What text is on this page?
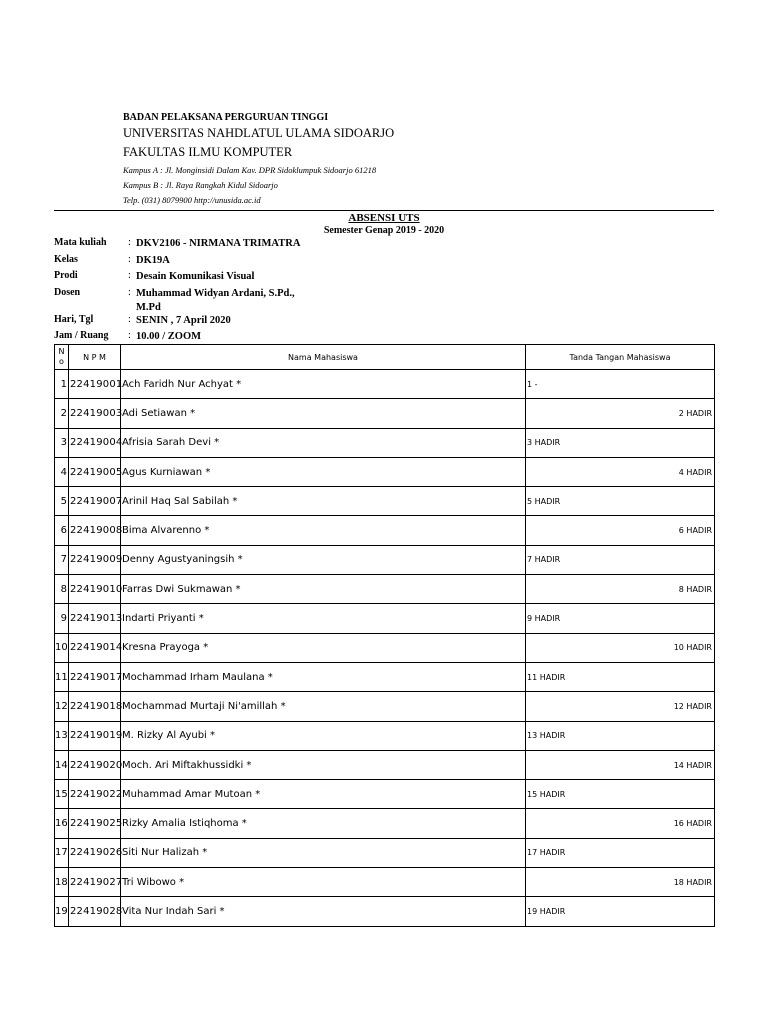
BADAN PELAKSANA PERGURUAN TINGGI
UNIVERSITAS NAHDLATUL ULAMA SIDOARJO
FAKULTAS ILMU KOMPUTER
Kampus A : Jl. Monginsidi Dalam Kav. DPR Sidoklumpuk Sidoarjo 61218
Kampus B : Jl. Raya Rangkah Kidul Sidoarjo
Telp. (031) 8079900 http://unusida.ac.id
ABSENSI UTS
Semester Genap 2019 - 2020
Mata kuliah : DKV2106 - NIRMANA TRIMATRA
Kelas	: DK19A
Prodi	: Desain Komunikasi Visual
Dosen	: Muhammad Widyan Ardani, S.Pd., M.Pd
Hari, Tgl	: SENIN , 7 April 2020
Jam / Ruang : 10.00 / ZOOM
N
o	N P M	Nama Mahasiswa	Tanda Tangan Mahasiswa
1	22419001	Ach Faridh Nur Achyat *	1 -
2	22419003	Adi Setiawan *	2 HADIR
3	22419004	Afrisia Sarah Devi *	3 HADIR
4	22419005	Agus Kurniawan *	4 HADIR
5	22419007	Arinil Haq Sal Sabilah *	5 HADIR
6	22419008	Bima Alvarenno *	6 HADIR
7	22419009	Denny Agustyaningsih *	7 HADIR
8	22419010	Farras Dwi Sukmawan *	8 HADIR
9	22419013	Indarti Priyanti *	9 HADIR
10	22419014	Kresna Prayoga *	10 HADIR
11	22419017	Mochammad Irham Maulana *	11 HADIR
12	22419018	Mochammad Murtaji Ni'amillah *	12 HADIR
13	22419019	M. Rizky Al Ayubi *	13 HADIR
14	22419020	Moch. Ari Miftakhussidki *	14 HADIR
15	22419022	Muhammad Amar Mutoan *	15 HADIR
16	22419025	Rizky Amalia Istiqhoma *	16 HADIR
17	22419026	Siti Nur Halizah *	17 HADIR
18	22419027	Tri Wibowo *	18 HADIR
19	22419028	Vita Nur Indah Sari *	19 HADIR
